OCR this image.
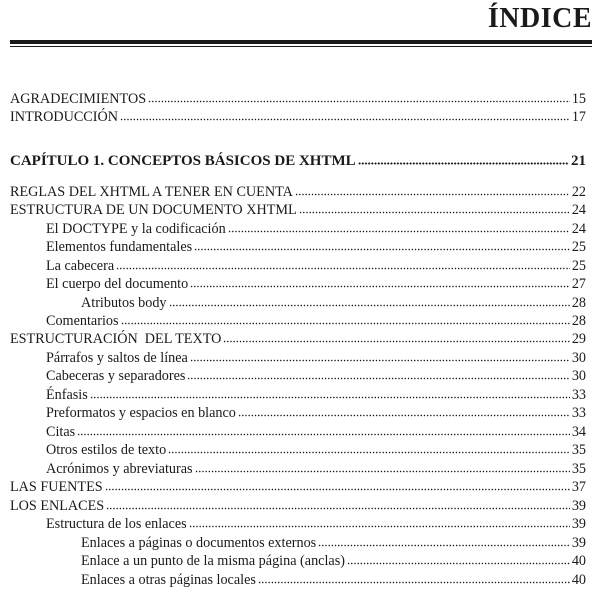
ÍNDICE
AGRADECIMIENTOS	15
INTRODUCCIÓN	17
CAPÍTULO 1. CONCEPTOS BÁSICOS DE XHTML	21
REGLAS DEL XHTML A TENER EN CUENTA	22
ESTRUCTURA DE UN DOCUMENTO XHTML	24
El DOCTYPE y la codificación	24
Elementos fundamentales	25
La cabecera	25
El cuerpo del documento	27
Atributos body	28
Comentarios	28
ESTRUCTURACIÓN  DEL TEXTO	29
Párrafos y saltos de línea	30
Cabeceras y separadores	30
Énfasis	33
Preformatos y espacios en blanco	33
Citas	34
Otros estilos de texto	35
Acrónimos y abreviaturas	35
LAS FUENTES	37
LOS ENLACES	39
Estructura de los enlaces	39
Enlaces a páginas o documentos externos	39
Enlace a un punto de la misma página (anclas)	40
Enlaces a otras páginas locales	40
